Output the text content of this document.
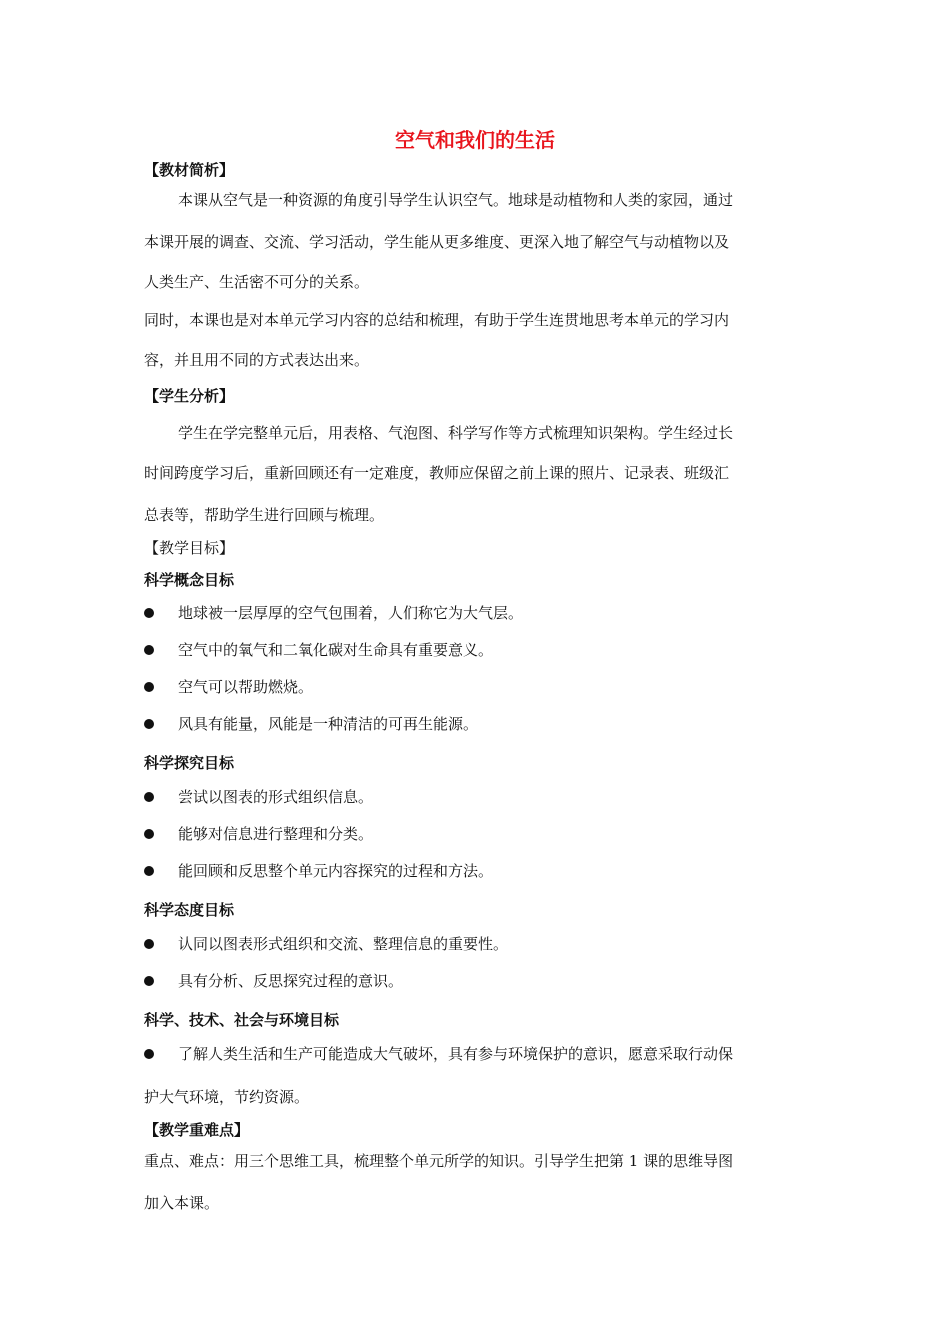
空气和我们的生活
【教材简析】
本课从空气是一种资源的角度引导学生认识空气。地球是动植物和人类的家园，通过
本课开展的调查、交流、学习活动，学生能从更多维度、更深入地了解空气与动植物以及
人类生产、生活密不可分的关系。
同时，本课也是对本单元学习内容的总结和梳理，有助于学生连贯地思考本单元的学习内
容，并且用不同的方式表达出来。
【学生分析】
学生在学完整单元后，用表格、气泡图、科学写作等方式梳理知识架构。学生经过长
时间跨度学习后，重新回顾还有一定难度，教师应保留之前上课的照片、记录表、班级汇
总表等，帮助学生进行回顾与梳理。
【教学目标】
科学概念目标
地球被一层厚厚的空气包围着，人们称它为大气层。
空气中的氧气和二氧化碳对生命具有重要意义。
空气可以帮助燃烧。
风具有能量，风能是一种清洁的可再生能源。
科学探究目标
尝试以图表的形式组织信息。
能够对信息进行整理和分类。
能回顾和反思整个单元内容探究的过程和方法。
科学态度目标
认同以图表形式组织和交流、整理信息的重要性。
具有分析、反思探究过程的意识。
科学、技术、社会与环境目标
了解人类生活和生产可能造成大气破坏，具有参与环境保护的意识，愿意采取行动保
护大气环境，节约资源。
【教学重难点】
重点、难点：用三个思维工具，梳理整个单元所学的知识。引导学生把第 1 课的思维导图
加入本课。
